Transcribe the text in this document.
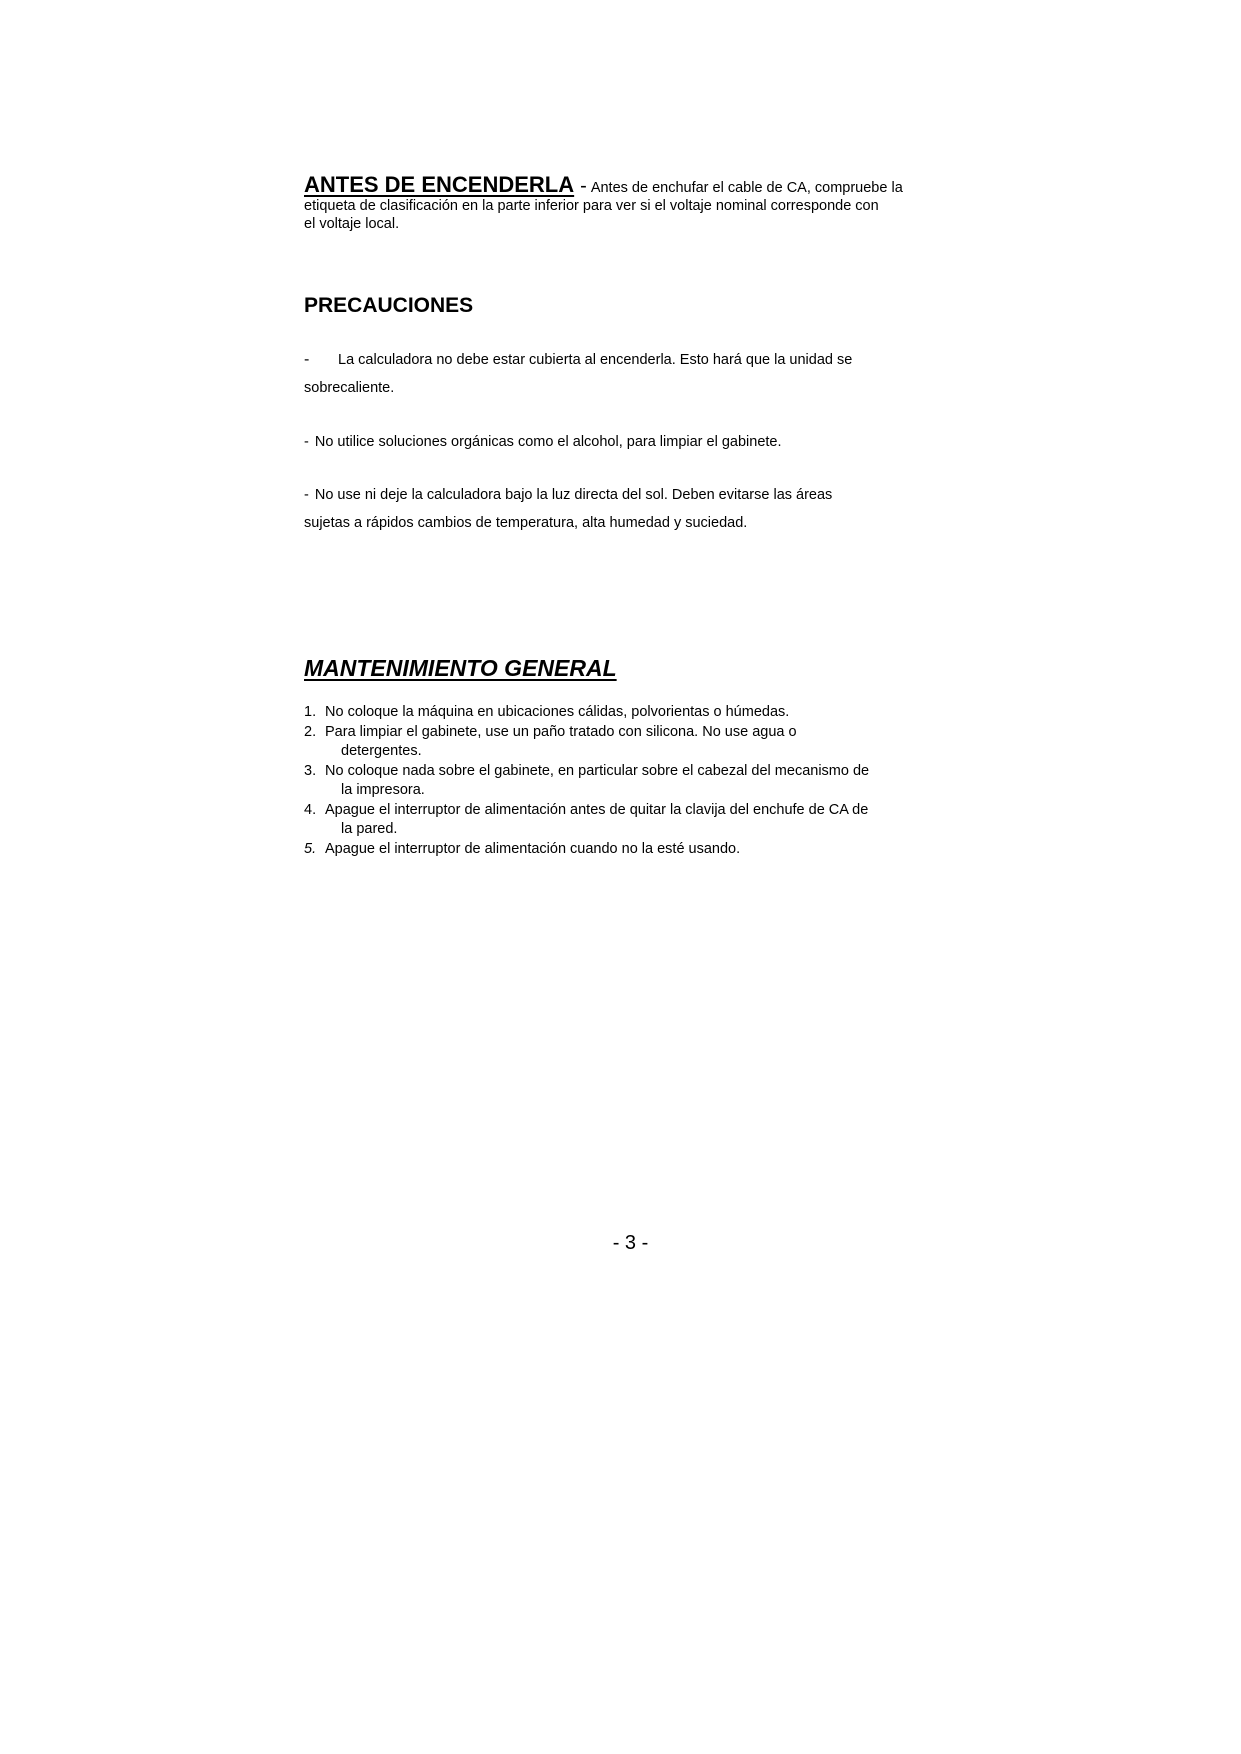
ANTES DE ENCENDERLA - Antes de enchufar el cable de CA, compruebe la
etiqueta de clasificación en la parte inferior para ver si el voltaje nominal corresponde con
el voltaje local.
PRECAUCIONES
- La calculadora no debe estar cubierta al encenderla. Esto hará que la unidad se
sobrecaliente.
- No utilice soluciones orgánicas como el alcohol, para limpiar el gabinete.
- No use ni deje la calculadora bajo la luz directa del sol. Deben evitarse las áreas
sujetas a rápidos cambios de temperatura, alta humedad y suciedad.
MANTENIMIENTO GENERAL
1. No coloque la máquina en ubicaciones cálidas, polvorientas o húmedas.
2. Para limpiar el gabinete, use un paño tratado con silicona. No use agua o
detergentes.
3. No coloque nada sobre el gabinete, en particular sobre el cabezal del mecanismo de
la impresora.
4. Apague el interruptor de alimentación antes de quitar la clavija del enchufe de CA de
la pared.
5. Apague el interruptor de alimentación cuando no la esté usando.
- 3 -
